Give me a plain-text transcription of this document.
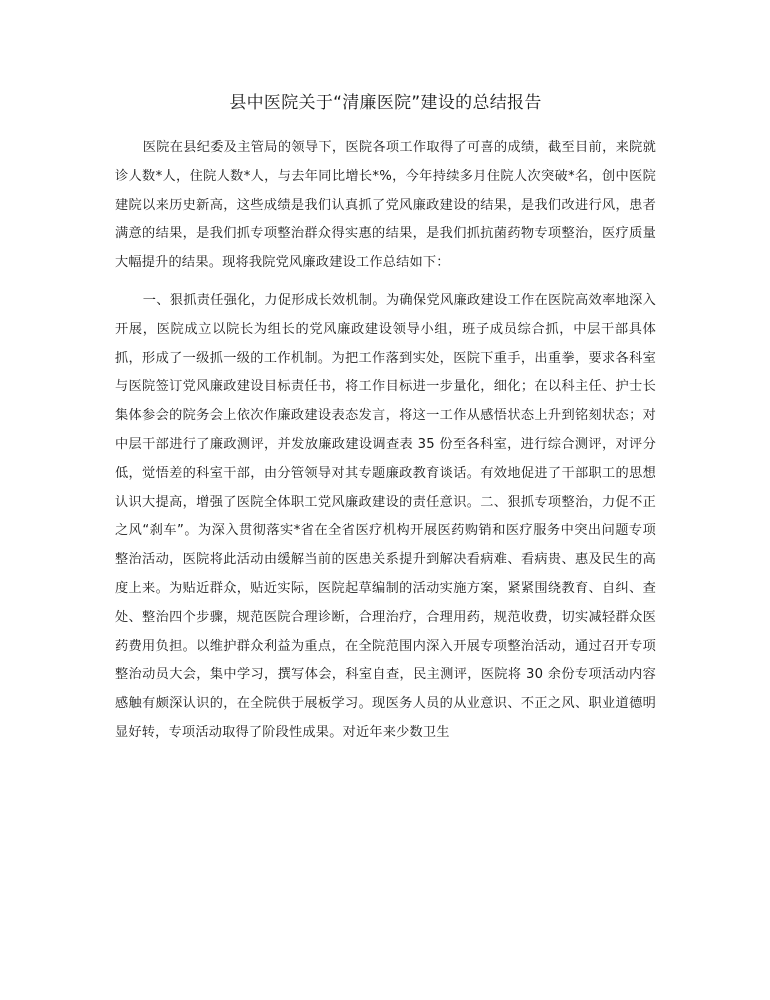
县中医院关于“清廉医院”建设的总结报告

医院在县纪委及主管局的领导下，医院各项工作取得了可喜的成绩，截至目前，来院就诊人数*人，住院人数*人，与去年同比增长*%，今年持续多月住院人次突破*名，创中医院建院以来历史新高，这些成绩是我们认真抓了党风廉政建设的结果，是我们改进行风，患者满意的结果，是我们抓专项整治群众得实惠的结果，是我们抓抗菌药物专项整治，医疗质量大幅提升的结果。现将我院党风廉政建设工作总结如下：

一、狠抓责任强化，力促形成长效机制。为确保党风廉政建设工作在医院高效率地深入开展，医院成立以院长为组长的党风廉政建设领导小组，班子成员综合抓，中层干部具体抓，形成了一级抓一级的工作机制。为把工作落到实处，医院下重手，出重拳，要求各科室与医院签订党风廉政建设目标责任书，将工作目标进一步量化，细化；在以科主任、护士长集体参会的院务会上依次作廉政建设表态发言，将这一工作从感悟状态上升到铭刻状态；对中层干部进行了廉政测评，并发放廉政建设调查表 35 份至各科室，进行综合测评，对评分低，觉悟差的科室干部，由分管领导对其专题廉政教育谈话。有效地促进了干部职工的思想认识大提高，增强了医院全体职工党风廉政建设的责任意识。二、狠抓专项整治，力促不正之风“刹车”。为深入贯彻落实*省在全省医疗机构开展医药购销和医疗服务中突出问题专项整治活动，医院将此活动由缓解当前的医患关系提升到解决看病难、看病贵、惠及民生的高度上来。为贴近群众，贴近实际，医院起草编制的活动实施方案，紧紧围绕教育、自纠、查处、整治四个步骤，规范医院合理诊断，合理治疗，合理用药，规范收费，切实减轻群众医药费用负担。以维护群众利益为重点，在全院范围内深入开展专项整治活动，通过召开专项整治动员大会，集中学习，撰写体会，科室自查，民主测评，医院将 30 余份专项活动内容感触有颇深认识的，在全院供于展板学习。现医务人员的从业意识、不正之风、职业道德明显好转，专项活动取得了阶段性成果。对近年来少数卫生
